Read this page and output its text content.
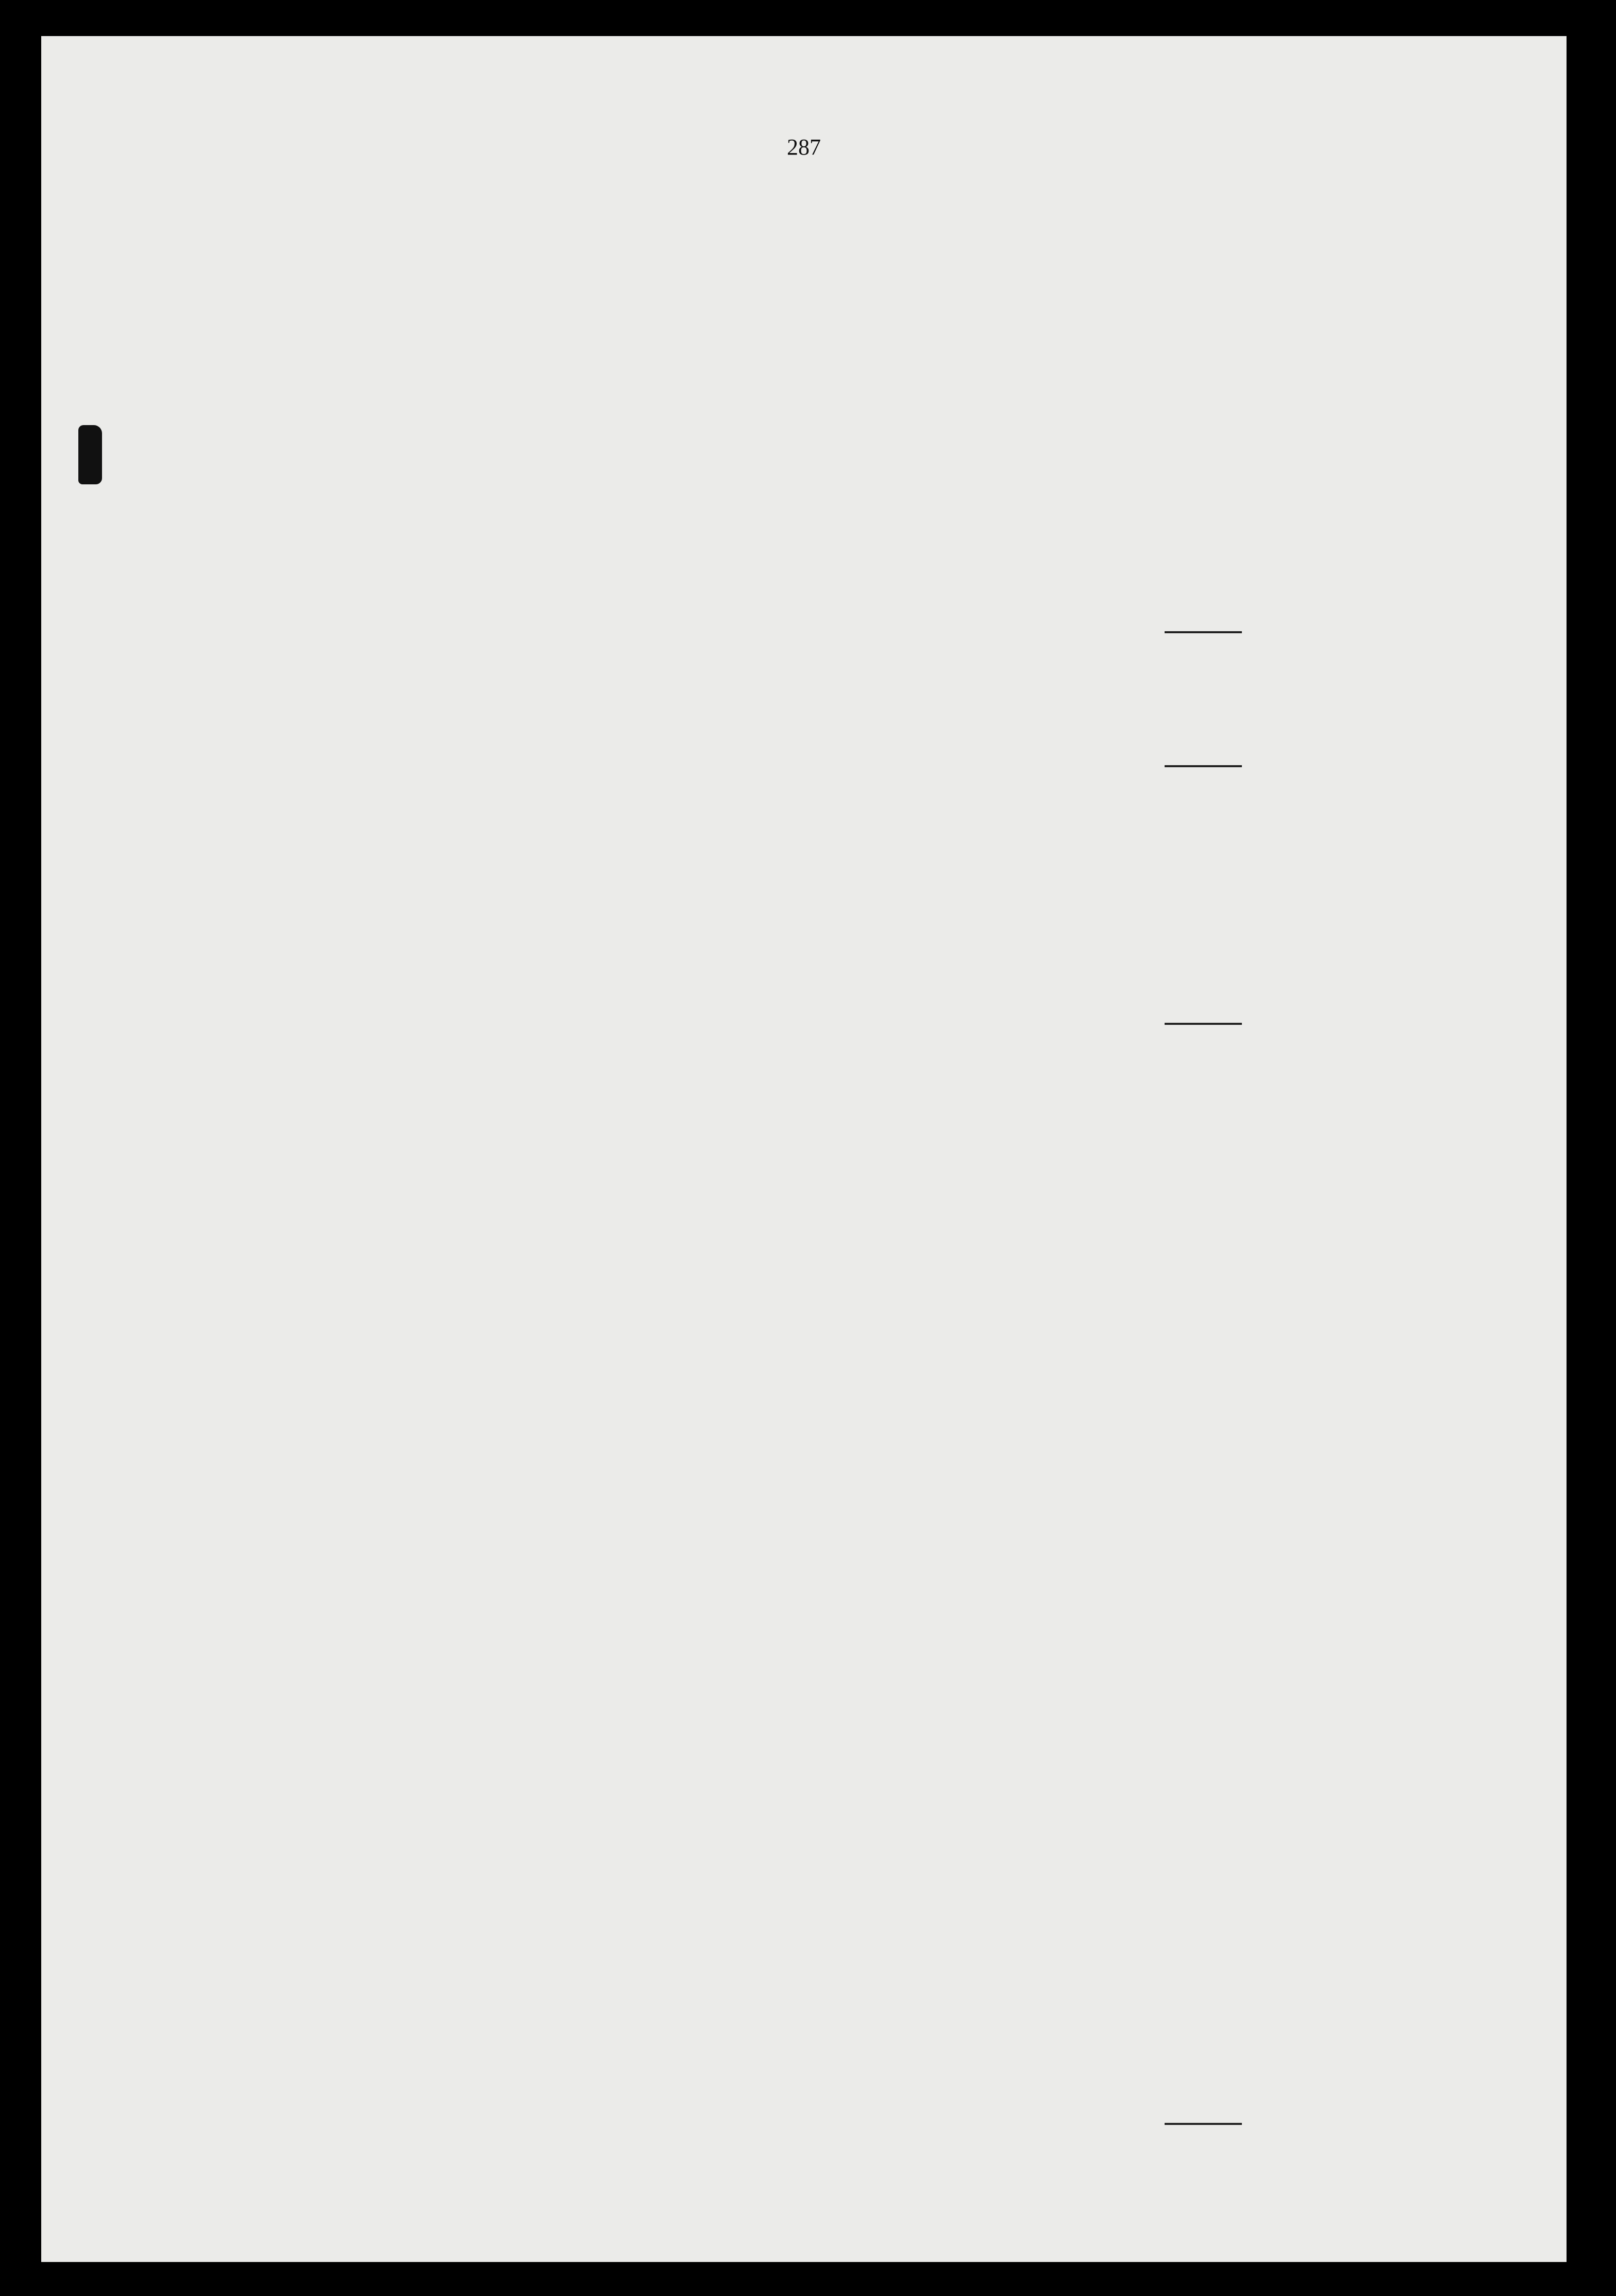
287
